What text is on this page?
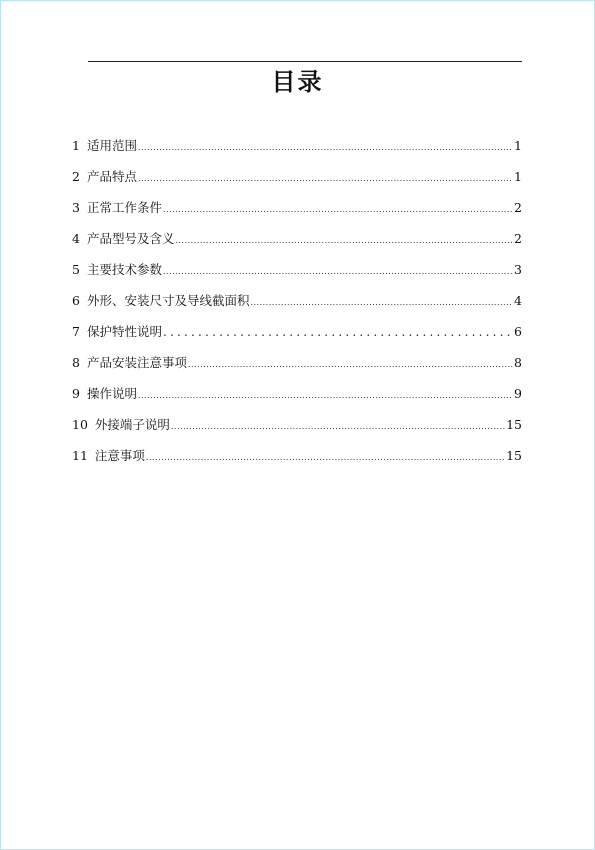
目录
1 适用范围 .....	1
2 产品特点 .....	1
3 正常工作条件 .....	2
4 产品型号及含义 .....	2
5 主要技术参数 .....	3
6 外形、安装尺寸及导线截面积 .....	4
7 保护特性说明 .....	6
8 产品安装注意事项 .....	8
9 操作说明 .....	9
10 外接端子说明 .....	15
11 注意事项 .....	15
